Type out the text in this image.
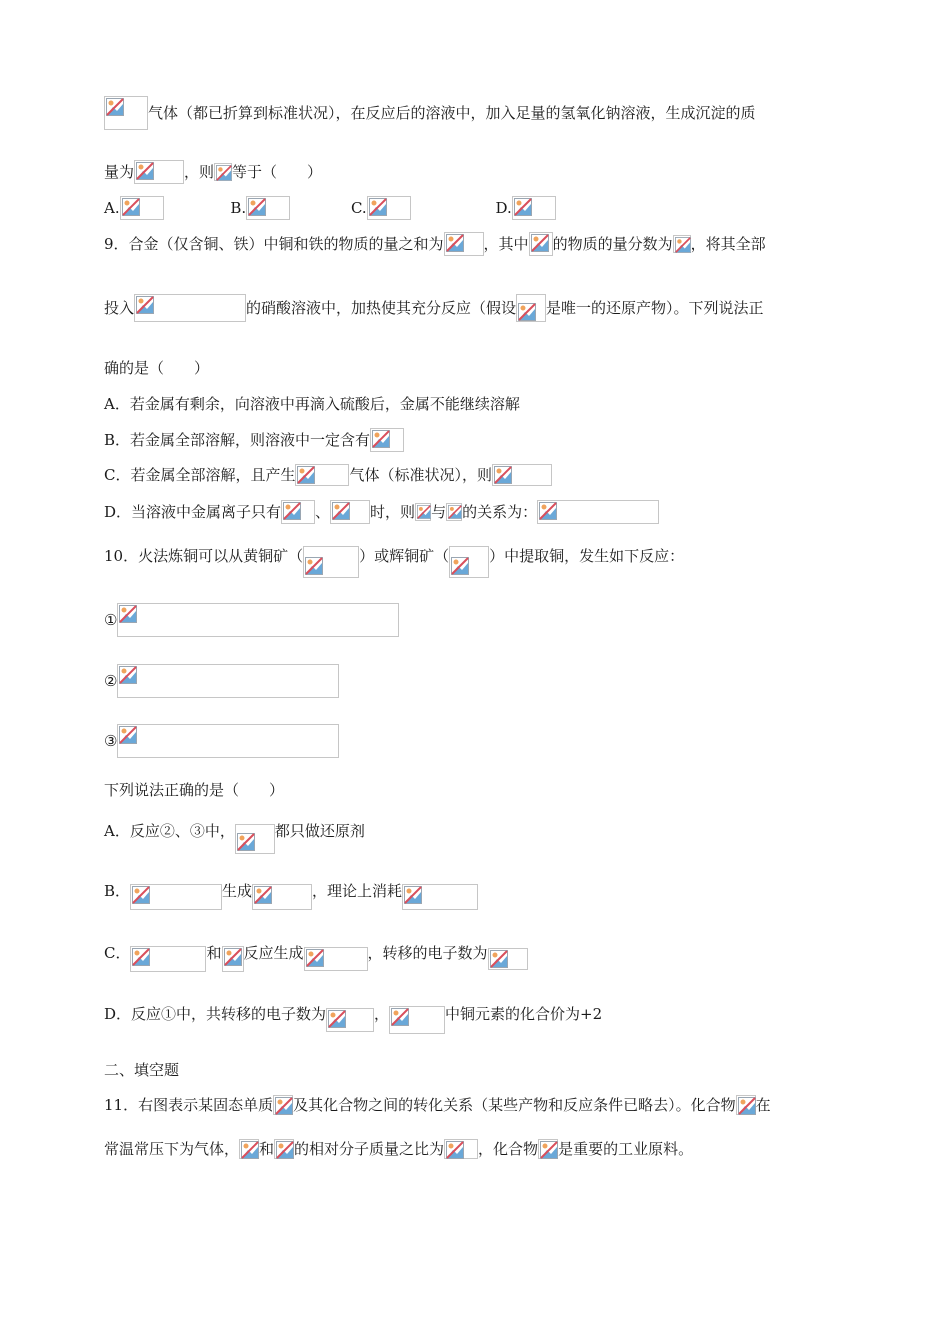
气体（都已折算到标准状况），在反应后的溶液中，加入足量的氢氧化钠溶液，生成沉淀的质
量为	，则 等于（　　）
A.	B.	C.	D.
9．合金（仅含铜、铁）中铜和铁的物质的量之和为	，其中 的物质的量分数为 ，将其全部
投入	的硝酸溶液中，加热使其充分反应（假设 是唯一的还原产物）。下列说法正
确的是（　　）
A．若金属有剩余，向溶液中再滴入硫酸后，金属不能继续溶解
B．若金属全部溶解，则溶液中一定含有
C．若金属全部溶解，且产生	气体（标准状况），则
D．当溶液中金属离子只有 、	时，则 与 的关系为：
10．火法炼铜可以从黄铜矿（	）或辉铜矿（	）中提取铜，发生如下反应：
①
②
③
下列说法正确的是（　　）
A．反应②、③中，	都只做还原剂
B．	生成	，理论上消耗
C．	和 反应生成	，转移的电子数为
D．反应①中，共转移的电子数为	，	中铜元素的化合价为+2
二、填空题
11．右图表示某固态单质 及其化合物之间的转化关系（某些产物和反应条件已略去）。化合物 在
常温常压下为气体， 和 的相对分子质量之比为 ，化合物 是重要的工业原料。
